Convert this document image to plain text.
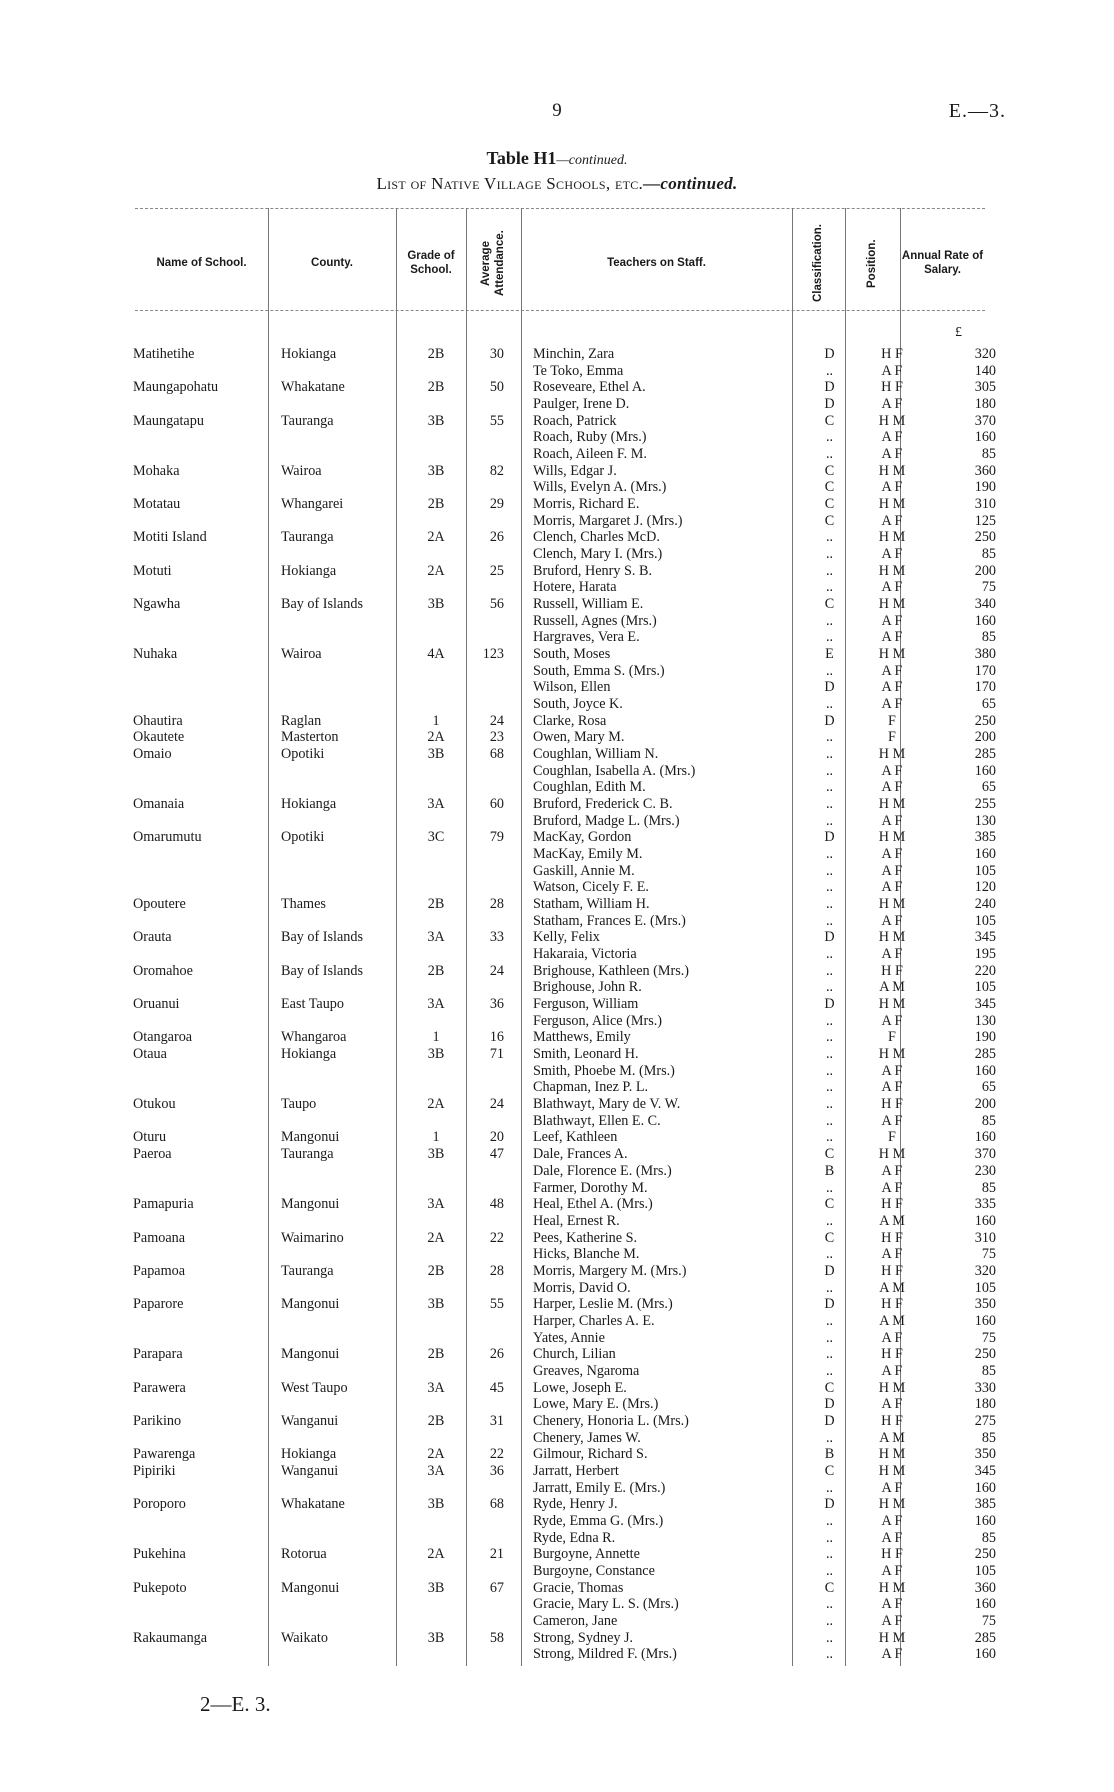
9	E.—3.
Table H1—continued.
List of Native Village Schools, etc.—continued.
Name of School.	County.
Grade of School.	Average Attendance.	Teachers on Staff.	Classification.	Position.	Annual Rate of Salary.
£
Matihetihe	Hokianga	2B	30 Minchin, Zara	D	H F	320
Te Toko, Emma	..	A F	140
Maungapohatu	Whakatane	2B	50 Roseveare, Ethel A.	D	H F	305
Paulger, Irene D.	D	A F	180
Maungatapu	Tauranga	3B	55 Roach, Patrick	C	H M	370
Roach, Ruby (Mrs.)	..	A F	160
Roach, Aileen F. M.	..	A F	85
Mohaka	Wairoa	3B	82 Wills, Edgar J.	C	H M	360
Wills, Evelyn A. (Mrs.)	C	A F	190
Motatau	Whangarei	2B	29 Morris, Richard E.	C	H M	310
Morris, Margaret J. (Mrs.)	C	A F	125
Motiti Island	Tauranga	2A	26 Clench, Charles McD.	..	H M	250
Clench, Mary I. (Mrs.)	..	A F	85
Motuti	Hokianga	2A	25 Bruford, Henry S. B.	..	H M	200
Hotere, Harata	..	A F	75
Ngawha	Bay of Islands	3B	56 Russell, William E.	C	H M	340
Russell, Agnes (Mrs.)	..	A F	160
Hargraves, Vera E.	..	A F	85
Nuhaka	Wairoa	4A	123 South, Moses	E	H M	380
South, Emma S. (Mrs.)	..	A F	170
Wilson, Ellen	D	A F	170
South, Joyce K.	..	A F	65
Ohautira	Raglan	1	24 Clarke, Rosa	D	F	250
Okautete	Masterton	2A	23 Owen, Mary M.	..	F	200
Omaio	Opotiki	3B	68 Coughlan, William N.	..	H M	285
Coughlan, Isabella A. (Mrs.)	..	A F	160
Coughlan, Edith M.	..	A F	65
Omanaia	Hokianga	3A	60 Bruford, Frederick C. B.	..	H M	255
Bruford, Madge L. (Mrs.)	..	A F	130
Omarumutu	Opotiki	3C	79 MacKay, Gordon	D	H M	385
MacKay, Emily M.	..	A F	160
Gaskill, Annie M.	..	A F	105
Watson, Cicely F. E.	..	A F	120
Opoutere	Thames	2B	28 Statham, William H.	..	H M	240
Statham, Frances E. (Mrs.)	..	A F	105
Orauta	Bay of Islands	3A	33 Kelly, Felix	D	H M	345
Hakaraia, Victoria	..	A F	195
Oromahoe	Bay of Islands	2B	24 Brighouse, Kathleen (Mrs.)	..	H F	220
Brighouse, John R.	..	A M	105
Oruanui	East Taupo	3A	36 Ferguson, William	D	H M	345
Ferguson, Alice (Mrs.)	..	A F	130
Otangaroa	Whangaroa	1	16 Matthews, Emily	..	F	190
Otaua	Hokianga	3B	71 Smith, Leonard H.	..	H M	285
Smith, Phoebe M. (Mrs.)	..	A F	160
Chapman, Inez P. L.	..	A F	65
Otukou	Taupo	2A	24 Blathwayt, Mary de V. W.	..	H F	200
Blathwayt, Ellen E. C.	..	A F	85
Oturu	Mangonui	1	20 Leef, Kathleen	..	F	160
Paeroa	Tauranga	3B	47 Dale, Frances A.	C	H M	370
Dale, Florence E. (Mrs.)	B	A F	230
Farmer, Dorothy M.	..	A F	85
Pamapuria	Mangonui	3A	48 Heal, Ethel A. (Mrs.)	C	H F	335
Heal, Ernest R.	..	A M	160
Pamoana	Waimarino	2A	22 Pees, Katherine S.	C	H F	310
Hicks, Blanche M.	..	A F	75
Papamoa	Tauranga	2B	28 Morris, Margery M. (Mrs.)	D	H F	320
Morris, David O.	..	A M	105
Paparore	Mangonui	3B	55 Harper, Leslie M. (Mrs.)	D	H F	350
Harper, Charles A. E.	..	A M	160
Yates, Annie	..	A F	75
Parapara	Mangonui	2B	26 Church, Lilian	..	H F	250
Greaves, Ngaroma	..	A F	85
Parawera	West Taupo	3A	45 Lowe, Joseph E.	C	H M	330
Lowe, Mary E. (Mrs.)	D	A F	180
Parikino	Wanganui	2B	31 Chenery, Honoria L. (Mrs.)	D	H F	275
Chenery, James W.	..	A M	85
Pawarenga	Hokianga	2A	22 Gilmour, Richard S.	B	H M	350
Pipiriki	Wanganui	3A	36 Jarratt, Herbert	C	H M	345
Jarratt, Emily E. (Mrs.)	..	A F	160
Poroporo	Whakatane	3B	68 Ryde, Henry J.	D	H M	385
Ryde, Emma G. (Mrs.)	..	A F	160
Ryde, Edna R.	..	A F	85
Pukehina	Rotorua	2A	21 Burgoyne, Annette	..	H F	250
Burgoyne, Constance	..	A F	105
Pukepoto	Mangonui	3B	67 Gracie, Thomas	C	H M	360
Gracie, Mary L. S. (Mrs.)	..	A F	160
Cameron, Jane	..	A F	75
Rakaumanga	Waikato	3B	58 Strong, Sydney J.	..	H M	285
Strong, Mildred F. (Mrs.)	..	A F	160
2—E. 3.
